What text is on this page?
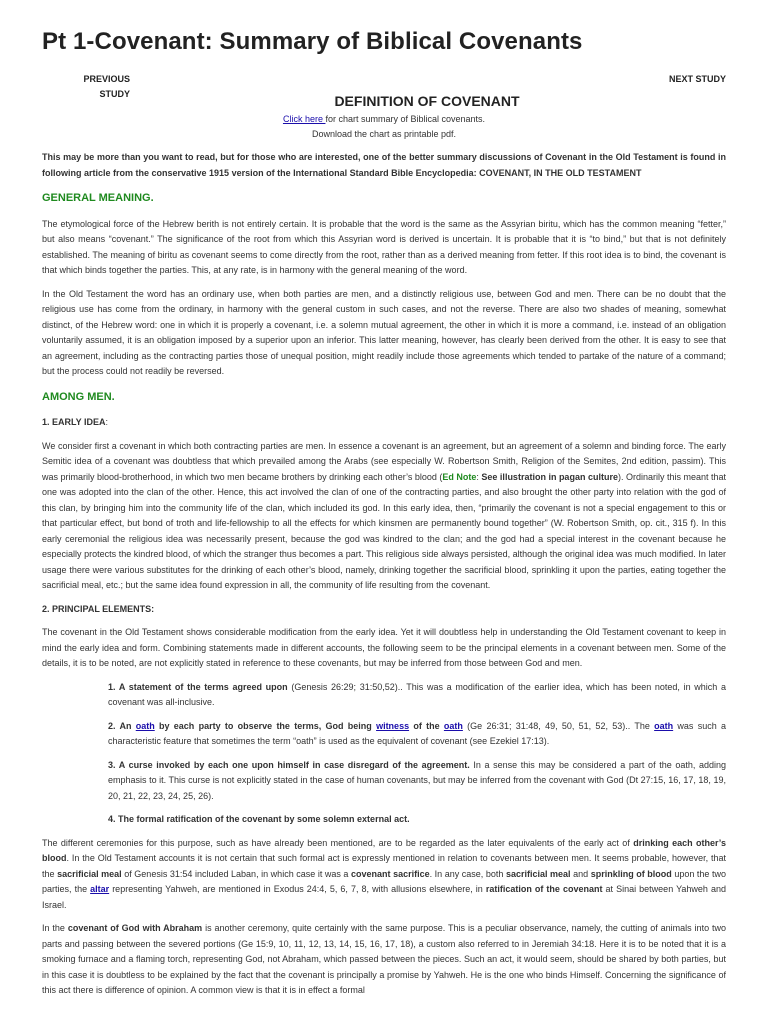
Pt 1-Covenant: Summary of Biblical Covenants
PREVIOUS
STUDY
NEXT STUDY
DEFINITION OF COVENANT
Click here for chart summary of Biblical covenants.
Download the chart as printable pdf.

This may be more than you want to read, but for those who are interested, one of the better summary discussions of Covenant in the Old Testament is found in following article from the conservative 1915 version of the International Standard Bible Encyclopedia: COVENANT, IN THE OLD TESTAMENT

GENERAL MEANING.

The etymological force of the Hebrew berith is not entirely certain. It is probable that the word is the same as the Assyrian biritu, which has the common meaning “fetter,” but also means “covenant.” The significance of the root from which this Assyrian word is derived is uncertain. It is probable that it is “to bind,” but that is not definitely established. The meaning of biritu as covenant seems to come directly from the root, rather than as a derived meaning from fetter. If this root idea is to bind, the covenant is that which binds together the parties. This, at any rate, is in harmony with the general meaning of the word.

In the Old Testament the word has an ordinary use, when both parties are men, and a distinctly religious use, between God and men. There can be no doubt that the religious use has come from the ordinary, in harmony with the general custom in such cases, and not the reverse. There are also two shades of meaning, somewhat distinct, of the Hebrew word: one in which it is properly a covenant, i.e. a solemn mutual agreement, the other in which it is more a command, i.e. instead of an obligation voluntarily assumed, it is an obligation imposed by a superior upon an inferior. This latter meaning, however, has clearly been derived from the other. It is easy to see that an agreement, including as the contracting parties those of unequal position, might readily include those agreements which tended to partake of the nature of a command; but the process could not readily be reversed.

AMONG MEN.

1. EARLY IDEA:

We consider first a covenant in which both contracting parties are men. In essence a covenant is an agreement, but an agreement of a solemn and binding force. The early Semitic idea of a covenant was doubtless that which prevailed among the Arabs (see especially W. Robertson Smith, Religion of the Semites, 2nd edition, passim). This was primarily blood-brotherhood, in which two men became brothers by drinking each other’s blood (Ed Note: See illustration in pagan culture). Ordinarily this meant that one was adopted into the clan of the other. Hence, this act involved the clan of one of the contracting parties, and also brought the other party into relation with the god of this clan, by bringing him into the community life of the clan, which included its god. In this early idea, then, “primarily the covenant is not a special engagement to this or that particular effect, but bond of troth and life-fellowship to all the effects for which kinsmen are permanently bound together” (W. Robertson Smith, op. cit., 315 f). In this early ceremonial the religious idea was necessarily present, because the god was kindred to the clan; and the god had a special interest in the covenant because he especially protects the kindred blood, of which the stranger thus becomes a part. This religious side always persisted, although the original idea was much modified. In later usage there were various substitutes for the drinking of each other’s blood, namely, drinking together the sacrificial blood, sprinkling it upon the parties, eating together the sacrificial meal, etc.; but the same idea found expression in all, the community of life resulting from the covenant.

2. PRINCIPAL ELEMENTS:

The covenant in the Old Testament shows considerable modification from the early idea. Yet it will doubtless help in understanding the Old Testament covenant to keep in mind the early idea and form. Combining statements made in different accounts, the following seem to be the principal elements in a covenant between men. Some of the details, it is to be noted, are not explicitly stated in reference to these covenants, but may be inferred from those between God and men.

1. A statement of the terms agreed upon (Genesis 26:29; 31:50,52).. This was a modification of the earlier idea, which has been noted, in which a covenant was all-inclusive.

2. An oath by each party to observe the terms, God being witness of the oath (Ge 26:31; 31:48, 49, 50, 51, 52, 53).. The oath was such a characteristic feature that sometimes the term “oath” is used as the equivalent of covenant (see Ezekiel 17:13).

3. A curse invoked by each one upon himself in case disregard of the agreement. In a sense this may be considered a part of the oath, adding emphasis to it. This curse is not explicitly stated in the case of human covenants, but may be inferred from the covenant with God (Dt 27:15, 16, 17, 18, 19, 20, 21, 22, 23, 24, 25, 26).

4. The formal ratification of the covenant by some solemn external act.

The different ceremonies for this purpose, such as have already been mentioned, are to be regarded as the later equivalents of the early act of drinking each other’s blood. In the Old Testament accounts it is not certain that such formal act is expressly mentioned in relation to covenants between men. It seems probable, however, that the sacrificial meal of Genesis 31:54 included Laban, in which case it was a covenant sacrifice. In any case, both sacrificial meal and sprinkling of blood upon the two parties, the altar representing Yahweh, are mentioned in Exodus 24:4, 5, 6, 7, 8, with allusions elsewhere, in ratification of the covenant at Sinai between Yahweh and Israel.

In the covenant of God with Abraham is another ceremony, quite certainly with the same purpose. This is a peculiar observance, namely, the cutting of animals into two parts and passing between the severed portions (Ge 15:9, 10, 11, 12, 13, 14, 15, 16, 17, 18), a custom also referred to in Jeremiah 34:18. Here it is to be noted that it is a smoking furnace and a flaming torch, representing God, not Abraham, which passed between the pieces. Such an act, it would seem, should be shared by both parties, but in this case it is doubtless to be explained by the fact that the covenant is principally a promise by Yahweh. He is the one who binds Himself. Concerning the significance of this act there is difference of opinion. A common view is that it is in effect a formal
